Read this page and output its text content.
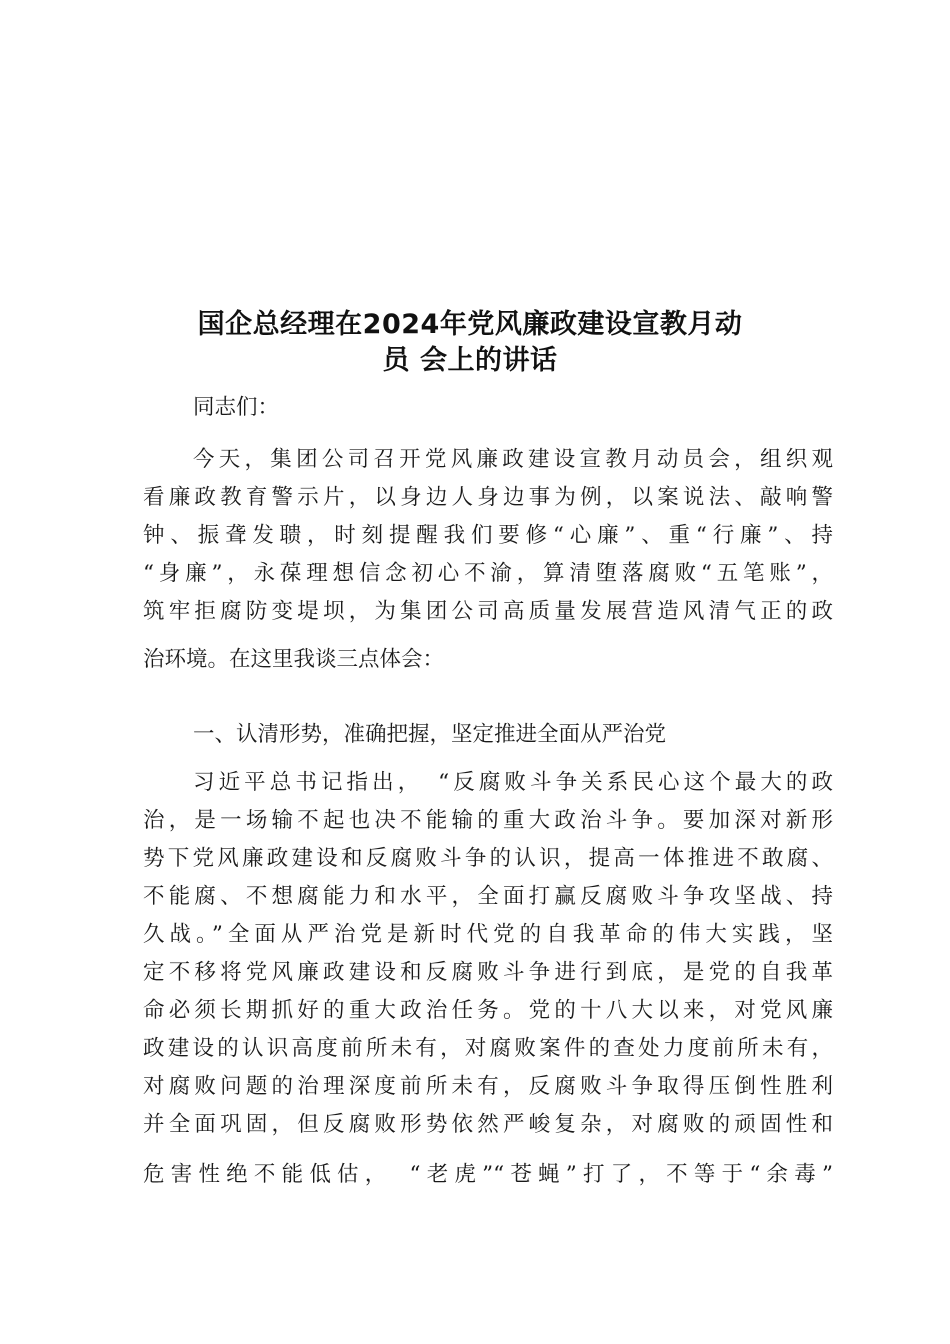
国企总经理在2024年党风廉政建设宣教月动
员 会上的讲话
同志们：
今天，集团公司召开党风廉政建设宣教月动员会，组织观
看廉政教育警示片，以身边人身边事为例，以案说法、敲响警
钟、振聋发聩，时刻提醒我们要修“心廉”、重“行廉”、持
“身廉”，永葆理想信念初心不渝，算清堕落腐败“五笔账”，
筑牢拒腐防变堤坝，为集团公司高质量发展营造风清气正的政
治环境。在这里我谈三点体会：
一、认清形势，准确把握，坚定推进全面从严治党
习近平总书记指出，　“反腐败斗争关系民心这个最大的政
治，是一场输不起也决不能输的重大政治斗争。要加深对新形
势下党风廉政建设和反腐败斗争的认识，提高一体推进不敢腐、
不能腐、不想腐能力和水平，全面打赢反腐败斗争攻坚战、持
久战。”全面从严治党是新时代党的自我革命的伟大实践，坚
定不移将党风廉政建设和反腐败斗争进行到底，是党的自我革
命必须长期抓好的重大政治任务。党的十八大以来，对党风廉
政建设的认识高度前所未有，对腐败案件的查处力度前所未有，
对腐败问题的治理深度前所未有，反腐败斗争取得压倒性胜利
并全面巩固，但反腐败形势依然严峻复杂，对腐败的顽固性和
危害性绝不能低估，　“老虎”“苍蝇”打了，不等于“余毒”
